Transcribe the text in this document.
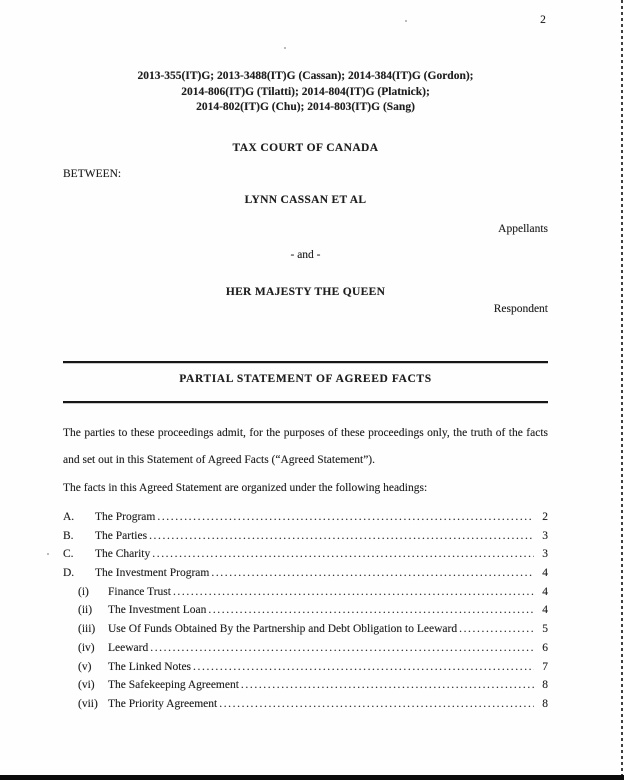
2
2013-355(IT)G; 2013-3488(IT)G (Cassan); 2014-384(IT)G (Gordon);
2014-806(IT)G (Tilatti); 2014-804(IT)G (Platnick);
2014-802(IT)G (Chu); 2014-803(IT)G (Sang)
TAX COURT OF CANADA
BETWEEN:
LYNN CASSAN ET AL
Appellants
- and -
HER MAJESTY THE QUEEN
Respondent
PARTIAL STATEMENT OF AGREED FACTS
The parties to these proceedings admit, for the purposes of these proceedings only, the truth of the facts and set out in this Statement of Agreed Facts (“Agreed Statement”).
The facts in this Agreed Statement are organized under the following headings:
A.	The Program .....	2
B.	The Parties .....	3
C.	The Charity .....	3
D.	The Investment Program .....	4
(i)	Finance Trust .....	4
(ii)	The Investment Loan .....	4
(iii)	Use Of Funds Obtained By the Partnership and Debt Obligation to Leeward .....	5
(iv)	Leeward .....	6
(v)	The Linked Notes .....	7
(vi)	The Safekeeping Agreement .....	8
(vii) The Priority Agreement .....	8
